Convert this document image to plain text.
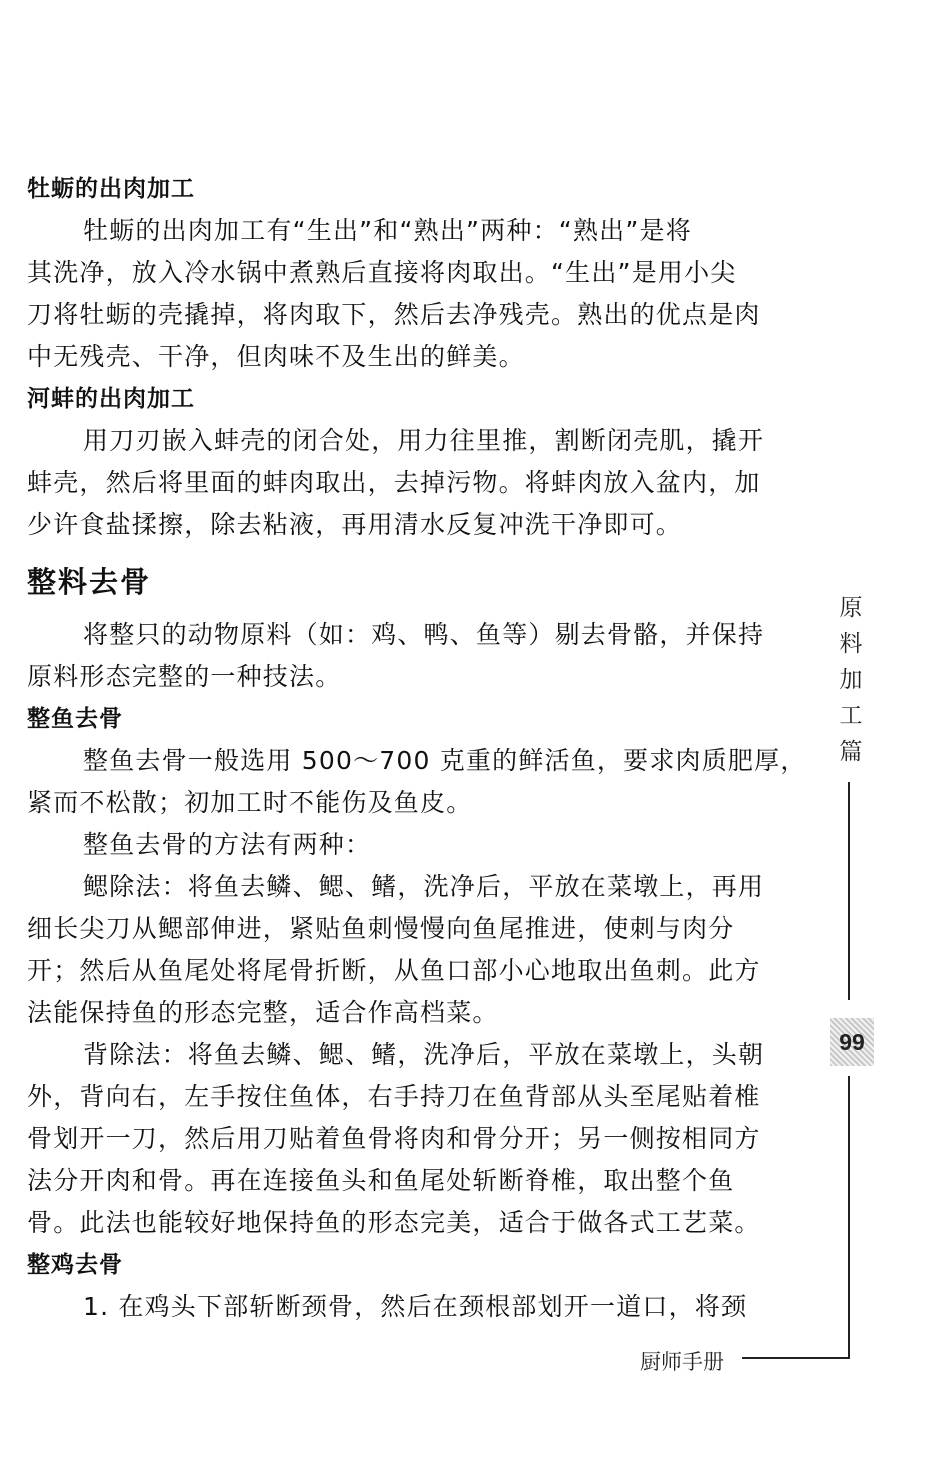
牡蛎的出肉加工
牡蛎的出肉加工有“生出”和“熟出”两种：“熟出”是将
其洗净，放入冷水锅中煮熟后直接将肉取出。“生出”是用小尖
刀将牡蛎的壳撬掉，将肉取下，然后去净残壳。熟出的优点是肉
中无残壳、干净，但肉味不及生出的鲜美。
河蚌的出肉加工
用刀刃嵌入蚌壳的闭合处，用力往里推，割断闭壳肌，撬开
蚌壳，然后将里面的蚌肉取出，去掉污物。将蚌肉放入盆内，加
少许食盐揉擦，除去粘液，再用清水反复冲洗干净即可。
整料去骨
将整只的动物原料（如：鸡、鸭、鱼等）剔去骨骼，并保持
原料形态完整的一种技法。
整鱼去骨
整鱼去骨一般选用 500～700 克重的鲜活鱼，要求肉质肥厚，
紧而不松散；初加工时不能伤及鱼皮。
整鱼去骨的方法有两种：
鳃除法：将鱼去鳞、鳃、鳍，洗净后，平放在菜墩上，再用
细长尖刀从鳃部伸进，紧贴鱼刺慢慢向鱼尾推进，使刺与肉分
开；然后从鱼尾处将尾骨折断，从鱼口部小心地取出鱼刺。此方
法能保持鱼的形态完整，适合作高档菜。
背除法：将鱼去鳞、鳃、鳍，洗净后，平放在菜墩上，头朝
外，背向右，左手按住鱼体，右手持刀在鱼背部从头至尾贴着椎
骨划开一刀，然后用刀贴着鱼骨将肉和骨分开；另一侧按相同方
法分开肉和骨。再在连接鱼头和鱼尾处斩断脊椎，取出整个鱼
骨。此法也能较好地保持鱼的形态完美，适合于做各式工艺菜。
整鸡去骨
1. 在鸡头下部斩断颈骨，然后在颈根部划开一道口，将颈
原
料
加
工
篇
99
厨师手册
